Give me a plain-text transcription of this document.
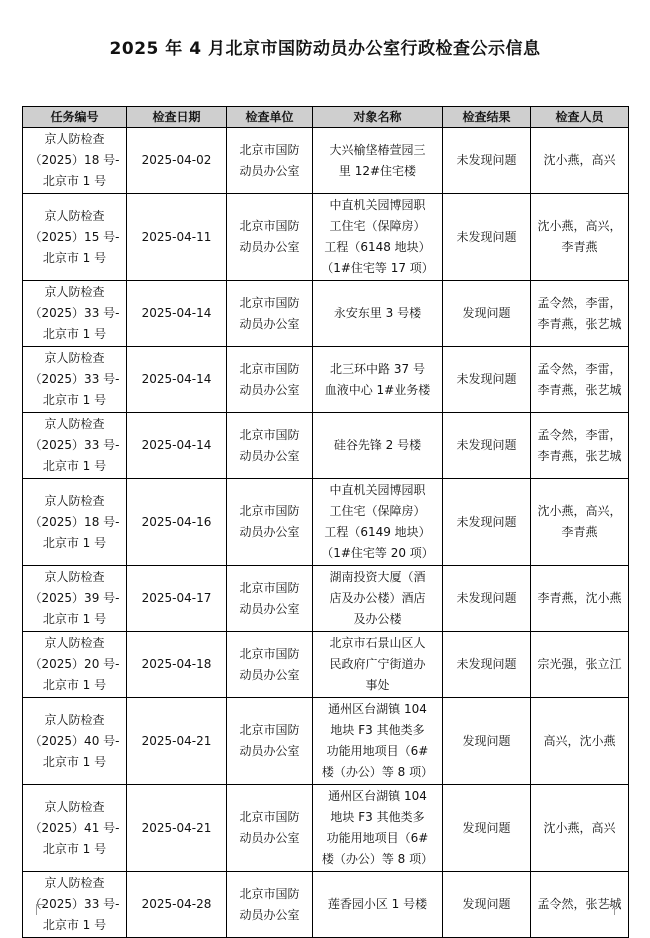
2025 年 4 月北京市国防动员办公室行政检查公示信息
任务编号	检查日期	检查单位	对象名称	检查结果	检查人员

京人防检查
（2025）18 号-
北京市 1 号	2025-04-02	北京市国防
动员办公室	大兴榆垡椿萱园三
里 12#住宅楼	未发现问题	沈小燕，高兴

京人防检查
（2025）15 号-
北京市 1 号	2025-04-11	北京市国防
动员办公室	中直机关园博园职
工住宅（保障房）
工程（6148 地块）
（1#住宅等 17 项）	未发现问题	沈小燕，高兴，
李青燕

京人防检查
（2025）33 号-
北京市 1 号	2025-04-14	北京市国防
动员办公室	永安东里 3 号楼	发现问题	孟令然，李雷，
李青燕，张艺城

京人防检查
（2025）33 号-
北京市 1 号	2025-04-14	北京市国防
动员办公室	北三环中路 37 号
血液中心 1#业务楼	未发现问题	孟令然，李雷，
李青燕，张艺城

京人防检查
（2025）33 号-
北京市 1 号	2025-04-14	北京市国防
动员办公室	硅谷先锋 2 号楼	未发现问题	孟令然，李雷，
李青燕，张艺城

京人防检查
（2025）18 号-
北京市 1 号	2025-04-16	北京市国防
动员办公室	中直机关园博园职
工住宅（保障房）
工程（6149 地块）
（1#住宅等 20 项）	未发现问题	沈小燕，高兴，
李青燕

京人防检查
（2025）39 号-
北京市 1 号	2025-04-17	北京市国防
动员办公室	湖南投资大厦（酒
店及办公楼）酒店
及办公楼	未发现问题	李青燕，沈小燕

京人防检查
（2025）20 号-
北京市 1 号	2025-04-18	北京市国防
动员办公室	北京市石景山区人
民政府广宁街道办
事处	未发现问题	宗光强，张立江

京人防检查
（2025）40 号-
北京市 1 号	2025-04-21	北京市国防
动员办公室	通州区台湖镇 104
地块 F3 其他类多
功能用地项目（6#
楼（办公）等 8 项）	发现问题	高兴，沈小燕

京人防检查
（2025）41 号-
北京市 1 号	2025-04-21	北京市国防
动员办公室	通州区台湖镇 104
地块 F3 其他类多
功能用地项目（6#
楼（办公）等 8 项）	发现问题	沈小燕，高兴

京人防检查
（2025）33 号-
北京市 1 号	2025-04-28	北京市国防
动员办公室	莲香园小区 1 号楼	发现问题	孟令然，张艺城
